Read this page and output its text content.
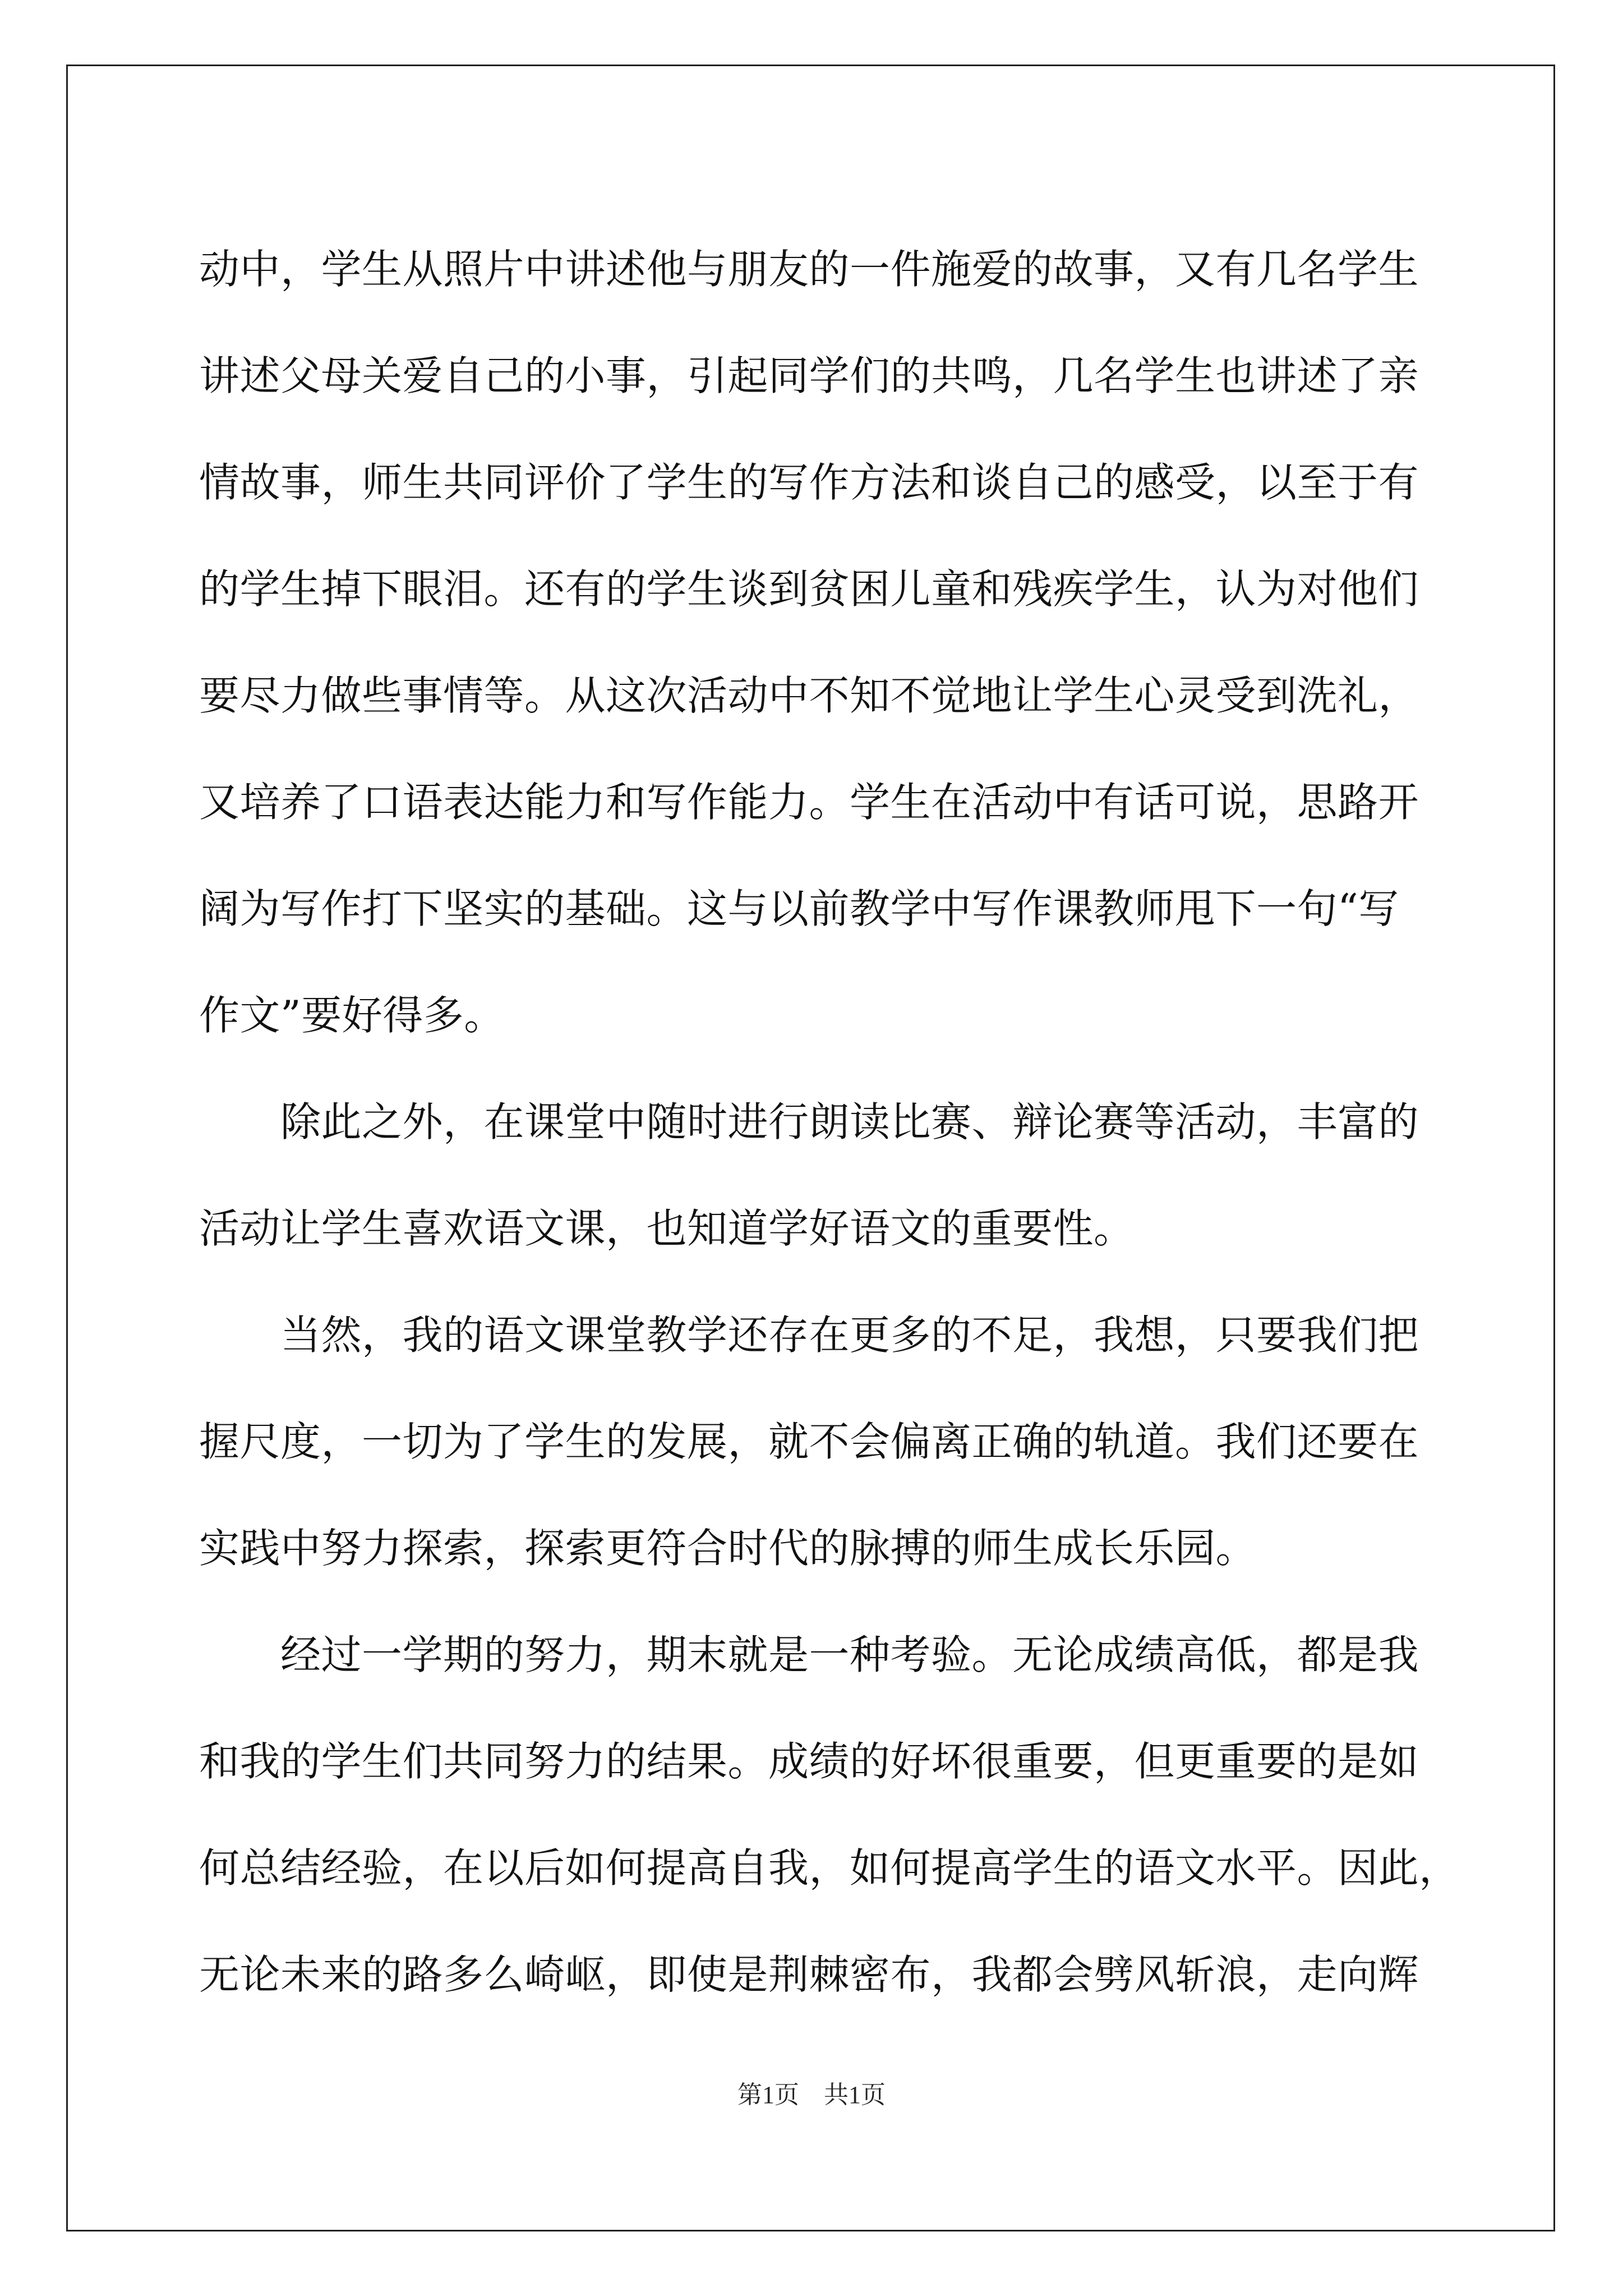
动中，学生从照片中讲述他与朋友的一件施爱的故事，又有几名学生
讲述父母关爱自己的小事，引起同学们的共鸣，几名学生也讲述了亲
情故事，师生共同评价了学生的写作方法和谈自己的感受，以至于有
的学生掉下眼泪。还有的学生谈到贫困儿童和残疾学生，认为对他们
要尽力做些事情等。从这次活动中不知不觉地让学生心灵受到洗礼，
又培养了口语表达能力和写作能力。学生在活动中有话可说，思路开
阔为写作打下坚实的基础。这与以前教学中写作课教师甩下一句“写
作文”要好得多。
　　除此之外，在课堂中随时进行朗读比赛、辩论赛等活动，丰富的
活动让学生喜欢语文课，也知道学好语文的重要性。
　　当然，我的语文课堂教学还存在更多的不足，我想，只要我们把
握尺度，一切为了学生的发展，就不会偏离正确的轨道。我们还要在
实践中努力探索，探索更符合时代的脉搏的师生成长乐园。
　　经过一学期的努力，期末就是一种考验。无论成绩高低，都是我
和我的学生们共同努力的结果。成绩的好坏很重要，但更重要的是如
何总结经验，在以后如何提高自我，如何提高学生的语文水平。因此，
无论未来的路多么崎岖，即使是荆棘密布，我都会劈风斩浪，走向辉
第1页 共1页
